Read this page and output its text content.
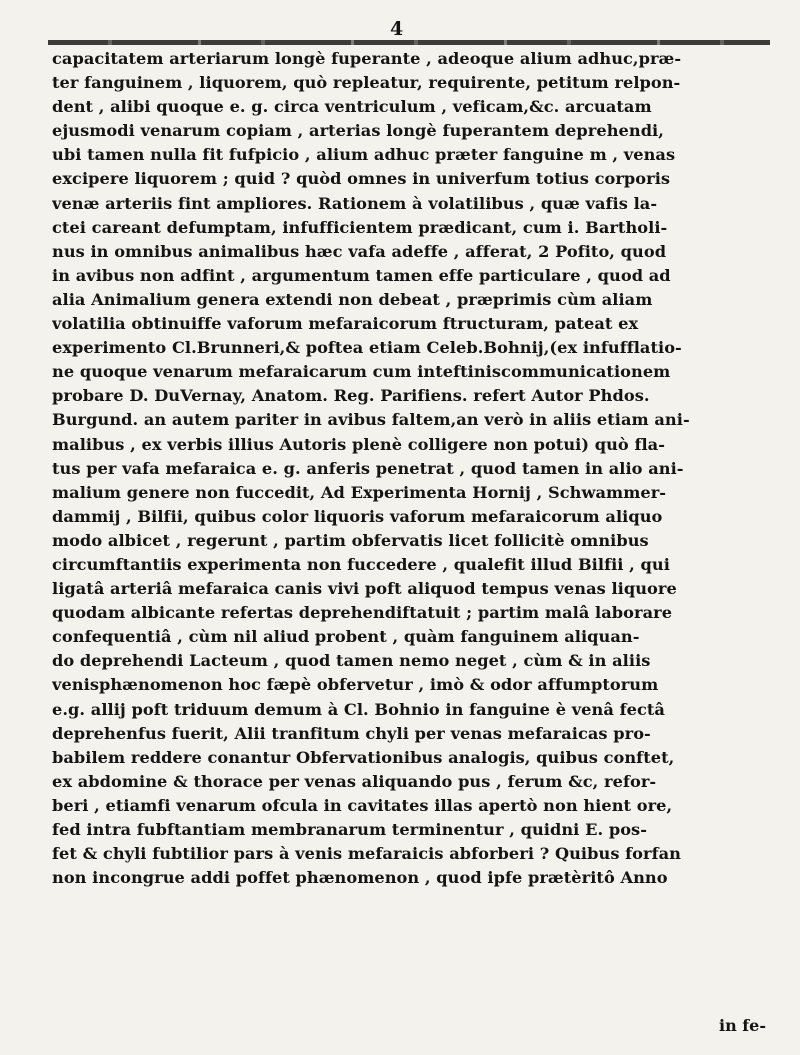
4
capacitatem arteriarum longè fuperante , adeoque alium adhuc,præ-
ter fanguinem , liquorem, quò repleatur, requirente, petitum relpon-
dent , alibi quoque e. g. circa ventriculum , veficam,&c. arcuatam
ejusmodi venarum copiam , arterias longè fuperantem deprehendi,
ubi tamen nulla fit fufpicio , alium adhuc præter fanguine m , venas
excipere liquorem ; quid ? quòd omnes in univerfum totius corporis
venæ arteriis fint ampliores. Rationem à volatilibus , quæ vafis la-
ctei careant defumptam, infufficientem prædicant, cum i. Bartholi-
nus in omnibus animalibus hæc vafa adeffe , afferat, 2 Pofito, quod
in avibus non adfint , argumentum tamen effe particulare , quod ad
alia Animalium genera extendi non debeat , præprimis cùm aliam
volatilia obtinuiffe vaforum mefaraicorum ftructuram, pateat ex
experimento Cl.Brunneri,& poftea etiam Celeb.Bohnij,(ex infufflatio-
ne quoque venarum mefaraicarum cum inteftiniscommunicationem
probare D. DuVernay, Anatom. Reg. Parifiens. refert Autor Phdos.
Burgund. an autem pariter in avibus faltem,an verò in aliis etiam ani-
malibus , ex verbis illius Autoris plenè colligere non potui) quò fla-
tus per vafa mefaraica e. g. anferis penetrat , quod tamen in alio ani-
malium genere non fuccedit, Ad Experimenta Hornij , Schwammer-
dammij , Bilfii, quibus color liquoris vaforum mefaraicorum aliquo
modo albicet , regerunt , partim obfervatis licet follicitè omnibus
circumftantiis experimenta non fuccedere , qualefit illud Bilfii , qui
ligatâ arteriâ mefaraica canis vivi poft aliquod tempus venas liquore
quodam albicante refertas deprehendiftatuit ; partim malâ laborare
confequentiâ , cùm nil aliud probent , quàm fanguinem aliquan-
do deprehendi Lacteum , quod tamen nemo neget , cùm & in aliis
venisphænomenon hoc fæpè obfervetur , imò & odor affumptorum
e.g. allij poft triduum demum à Cl. Bohnio in fanguine è venâ fectâ
deprehenfus fuerit, Alii tranfitum chyli per venas mefaraicas pro-
babilem reddere conantur Obfervationibus analogis, quibus conftet,
ex abdomine & thorace per venas aliquando pus , ferum &c, refor-
beri , etiamfi venarum ofcula in cavitates illas apertò non hient ore,
fed intra fubftantiam membranarum terminentur , quidni E. pos-
fet & chyli fubtilior pars à venis mefaraicis abforberi ? Quibus forfan
non incongrue addi poffet phænomenon , quod ipfe prætèritô Anno
in fe-
